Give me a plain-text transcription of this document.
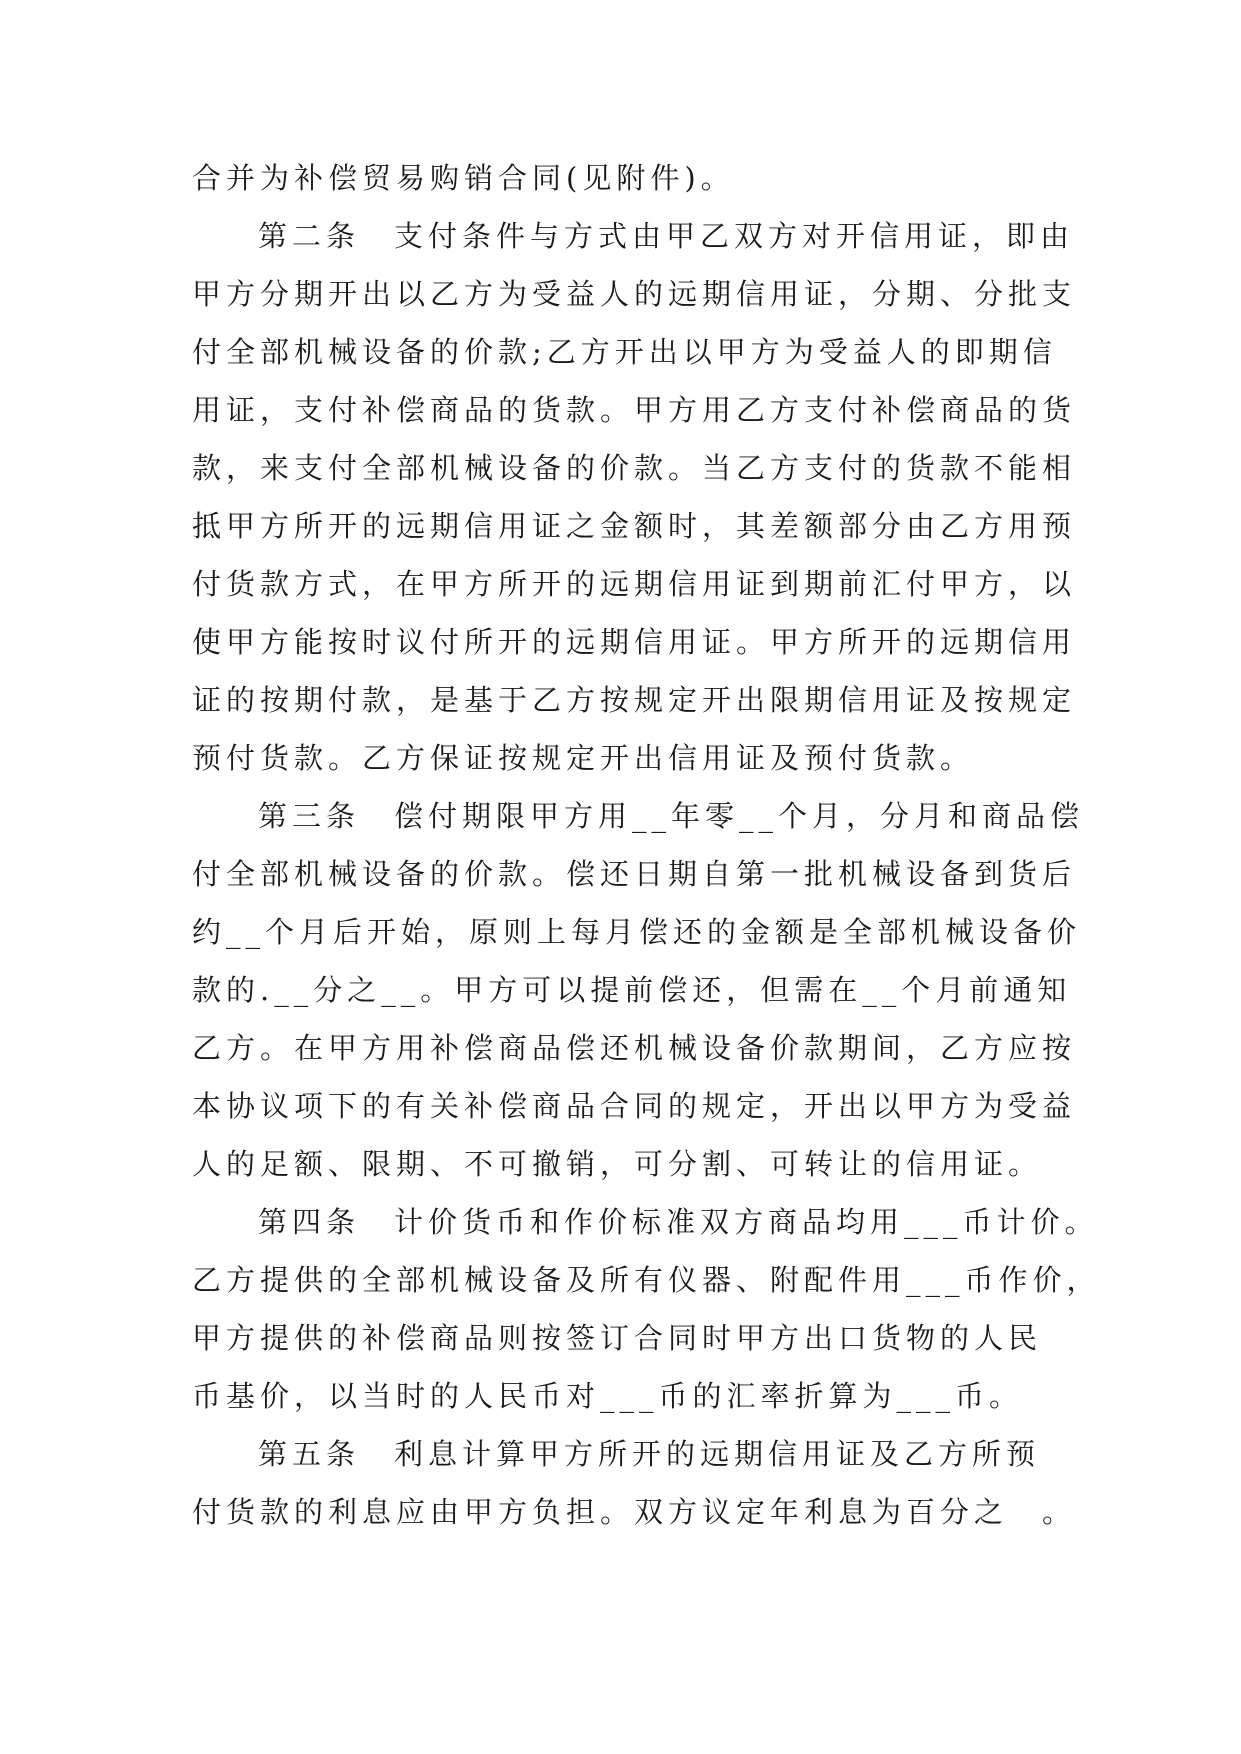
合并为补偿贸易购销合同(见附件)。
第二条　支付条件与方式由甲乙双方对开信用证，即由
甲方分期开出以乙方为受益人的远期信用证，分期、分批支
付全部机械设备的价款;乙方开出以甲方为受益人的即期信
用证，支付补偿商品的货款。甲方用乙方支付补偿商品的货
款，来支付全部机械设备的价款。当乙方支付的货款不能相
抵甲方所开的远期信用证之金额时，其差额部分由乙方用预
付货款方式，在甲方所开的远期信用证到期前汇付甲方，以
使甲方能按时议付所开的远期信用证。甲方所开的远期信用
证的按期付款，是基于乙方按规定开出限期信用证及按规定
预付货款。乙方保证按规定开出信用证及预付货款。
第三条　偿付期限甲方用__年零__个月，分月和商品偿
付全部机械设备的价款。偿还日期自第一批机械设备到货后
约__个月后开始，原则上每月偿还的金额是全部机械设备价
款的.__分之__。甲方可以提前偿还，但需在__个月前通知
乙方。在甲方用补偿商品偿还机械设备价款期间，乙方应按
本协议项下的有关补偿商品合同的规定，开出以甲方为受益
人的足额、限期、不可撤销，可分割、可转让的信用证。
第四条　计价货币和作价标准双方商品均用___币计价。
乙方提供的全部机械设备及所有仪器、附配件用___币作价，
甲方提供的补偿商品则按签订合同时甲方出口货物的人民
币基价，以当时的人民币对___币的汇率折算为___币。
第五条　利息计算甲方所开的远期信用证及乙方所预
付货款的利息应由甲方负担。双方议定年利息为百分之　。
